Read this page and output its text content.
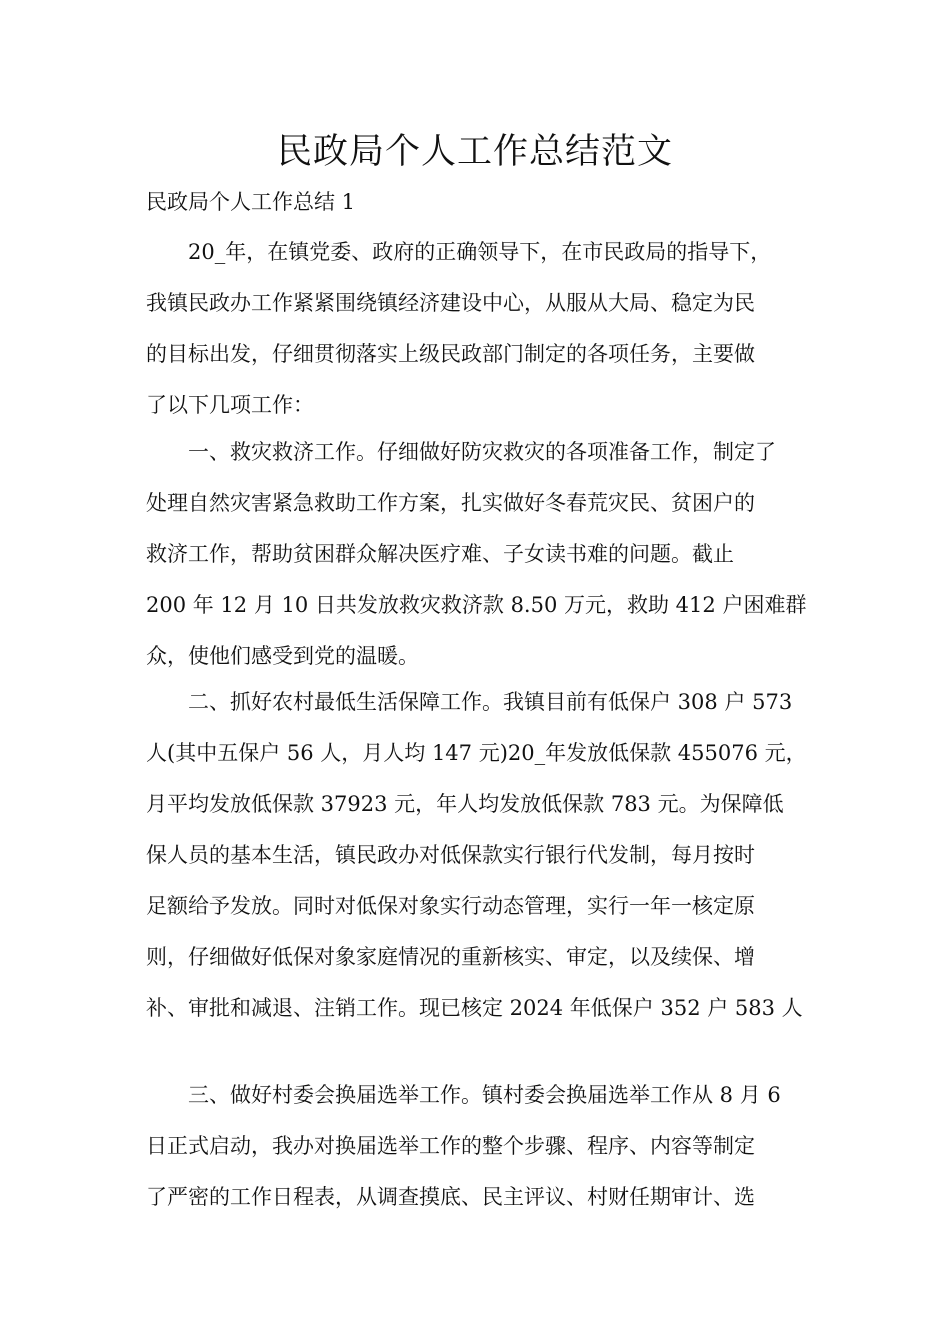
民政局个人工作总结范文

民政局个人工作总结 1

20_年，在镇党委、政府的正确领导下，在市民政局的指导下，
我镇民政办工作紧紧围绕镇经济建设中心，从服从大局、稳定为民
的目标出发，仔细贯彻落实上级民政部门制定的各项任务，主要做
了以下几项工作：

一、救灾救济工作。仔细做好防灾救灾的各项准备工作，制定了
处理自然灾害紧急救助工作方案，扎实做好冬春荒灾民、贫困户的
救济工作，帮助贫困群众解决医疗难、子女读书难的问题。截止
200 年 12 月 10 日共发放救灾救济款 8.50 万元，救助 412 户困难群
众，使他们感受到党的温暖。

二、抓好农村最低生活保障工作。我镇目前有低保户 308 户 573
人(其中五保户 56 人，月人均 147 元)20_年发放低保款 455076 元，
月平均发放低保款 37923 元，年人均发放低保款 783 元。为保障低
保人员的基本生活，镇民政办对低保款实行银行代发制，每月按时
足额给予发放。同时对低保对象实行动态管理，实行一年一核定原
则，仔细做好低保对象家庭情况的重新核实、审定，以及续保、增
补、审批和减退、注销工作。现已核定 2024 年低保户 352 户 583 人

三、做好村委会换届选举工作。镇村委会换届选举工作从 8 月 6
日正式启动，我办对换届选举工作的整个步骤、程序、内容等制定
了严密的工作日程表，从调查摸底、民主评议、村财任期审计、选
